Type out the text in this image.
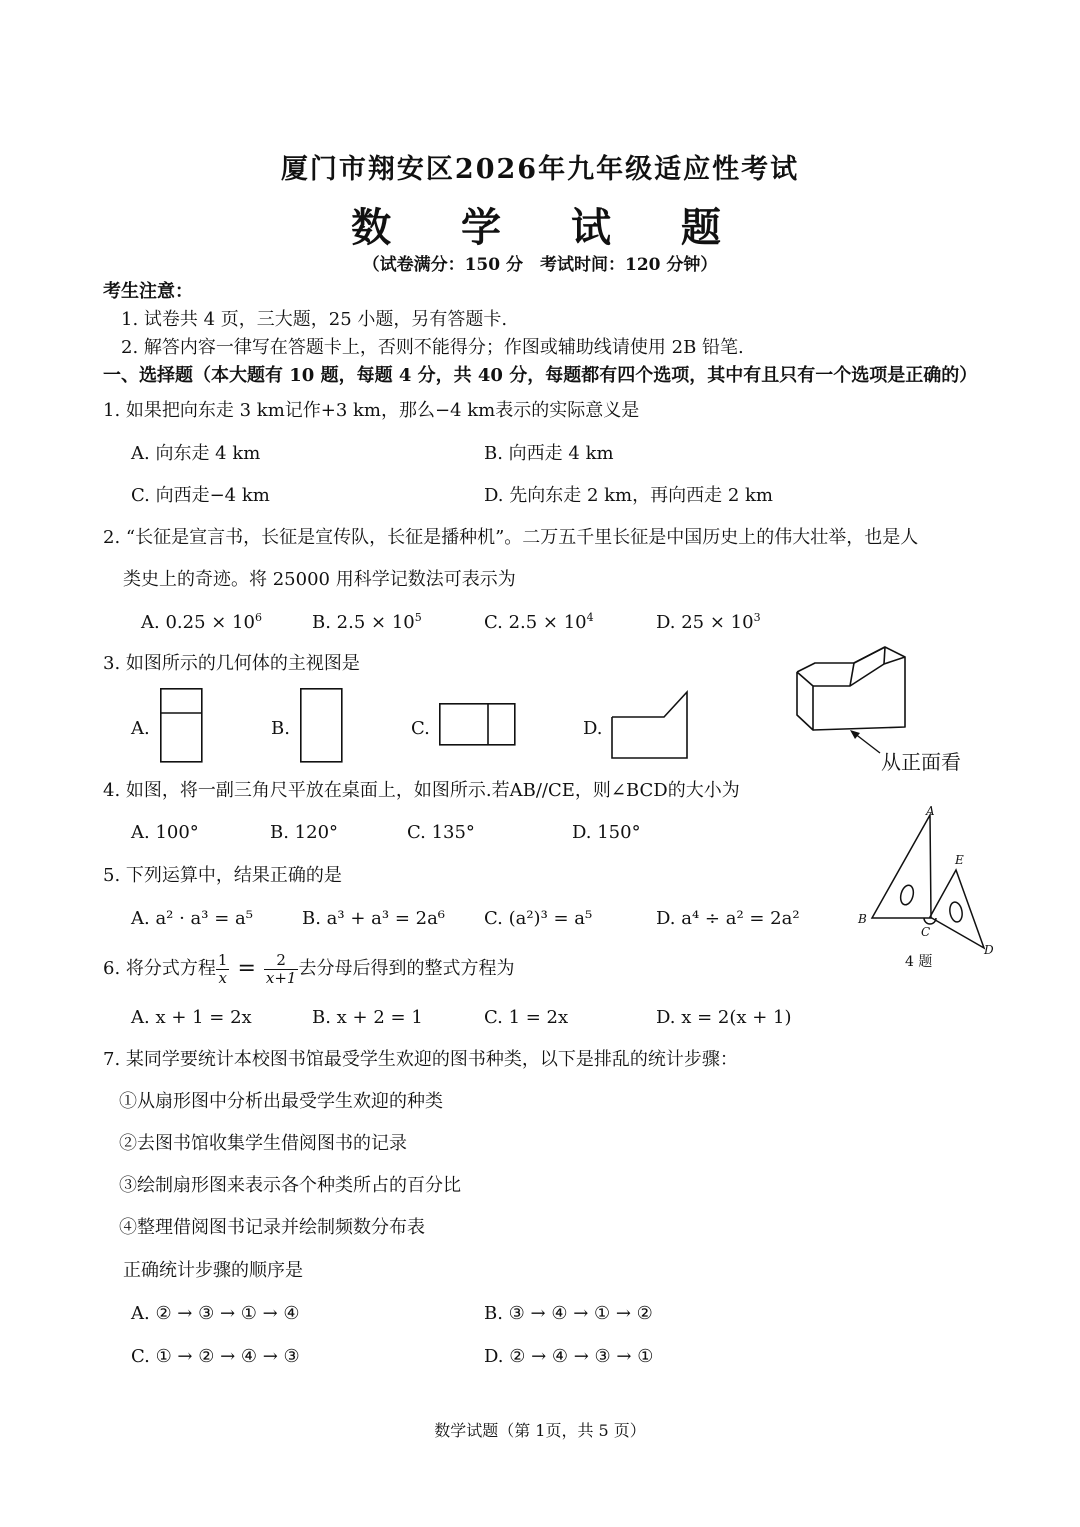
厦门市翔安区2026年九年级适应性考试
数 学 试 题
（试卷满分：150 分　考试时间：120 分钟）
考生注意：
1. 试卷共 4 页，三大题，25 小题，另有答题卡.
2. 解答内容一律写在答题卡上，否则不能得分；作图或辅助线请使用 2B 铅笔.
一、选择题（本大题有 10 题，每题 4 分，共 40 分，每题都有四个选项，其中有且只有一个选项是正确的）
1. 如果把向东走 3 km记作+3 km，那么−4 km表示的实际意义是
A. 向东走 4 km	B. 向西走 4 km
C. 向西走−4 km	D. 先向东走 2 km，再向西走 2 km
2. “长征是宣言书，长征是宣传队，长征是播种机”。二万五千里长征是中国历史上的伟大壮举，也是人
类史上的奇迹。将 25000 用科学记数法可表示为
A. $0.25 \times 10^6$	B. $2.5 \times 10^5$	C. $2.5 \times 10^4$	D. $25 \times 10^3$
3. 如图所示的几何体的主视图是
A.	B.	C.	D.
从正面看
4. 如图，将一副三角尺平放在桌面上，如图所示.若AB//CE，则∠BCD的大小为
A. 100°	B. 120°	C. 135°	D. 150°
A
E
B
C
D
4 题
5. 下列运算中，结果正确的是
A. a² · a³ = a⁵	B. a³ + a³ = 2a⁶ C. (a²)³ = a⁵	D. a⁴ ÷ a² = 2a²
6. 将分式方程 $\frac{1}{x} = \frac{2}{x+1}$ 去分母后得到的整式方程为
A. x + 1 = 2x	B. x + 2 = 1	C. 1 = 2x	D. x = 2(x + 1)
7. 某同学要统计本校图书馆最受学生欢迎的图书种类，以下是排乱的统计步骤：
①从扇形图中分析出最受学生欢迎的种类
②去图书馆收集学生借阅图书的记录
③绘制扇形图来表示各个种类所占的百分比
④整理借阅图书记录并绘制频数分布表
正确统计步骤的顺序是
A. ② → ③ → ① → ④	B. ③ → ④ → ① → ②
C. ① → ② → ④ → ③	D. ② → ④ → ③ → ①
数学试题（第 1页，共 5 页）
